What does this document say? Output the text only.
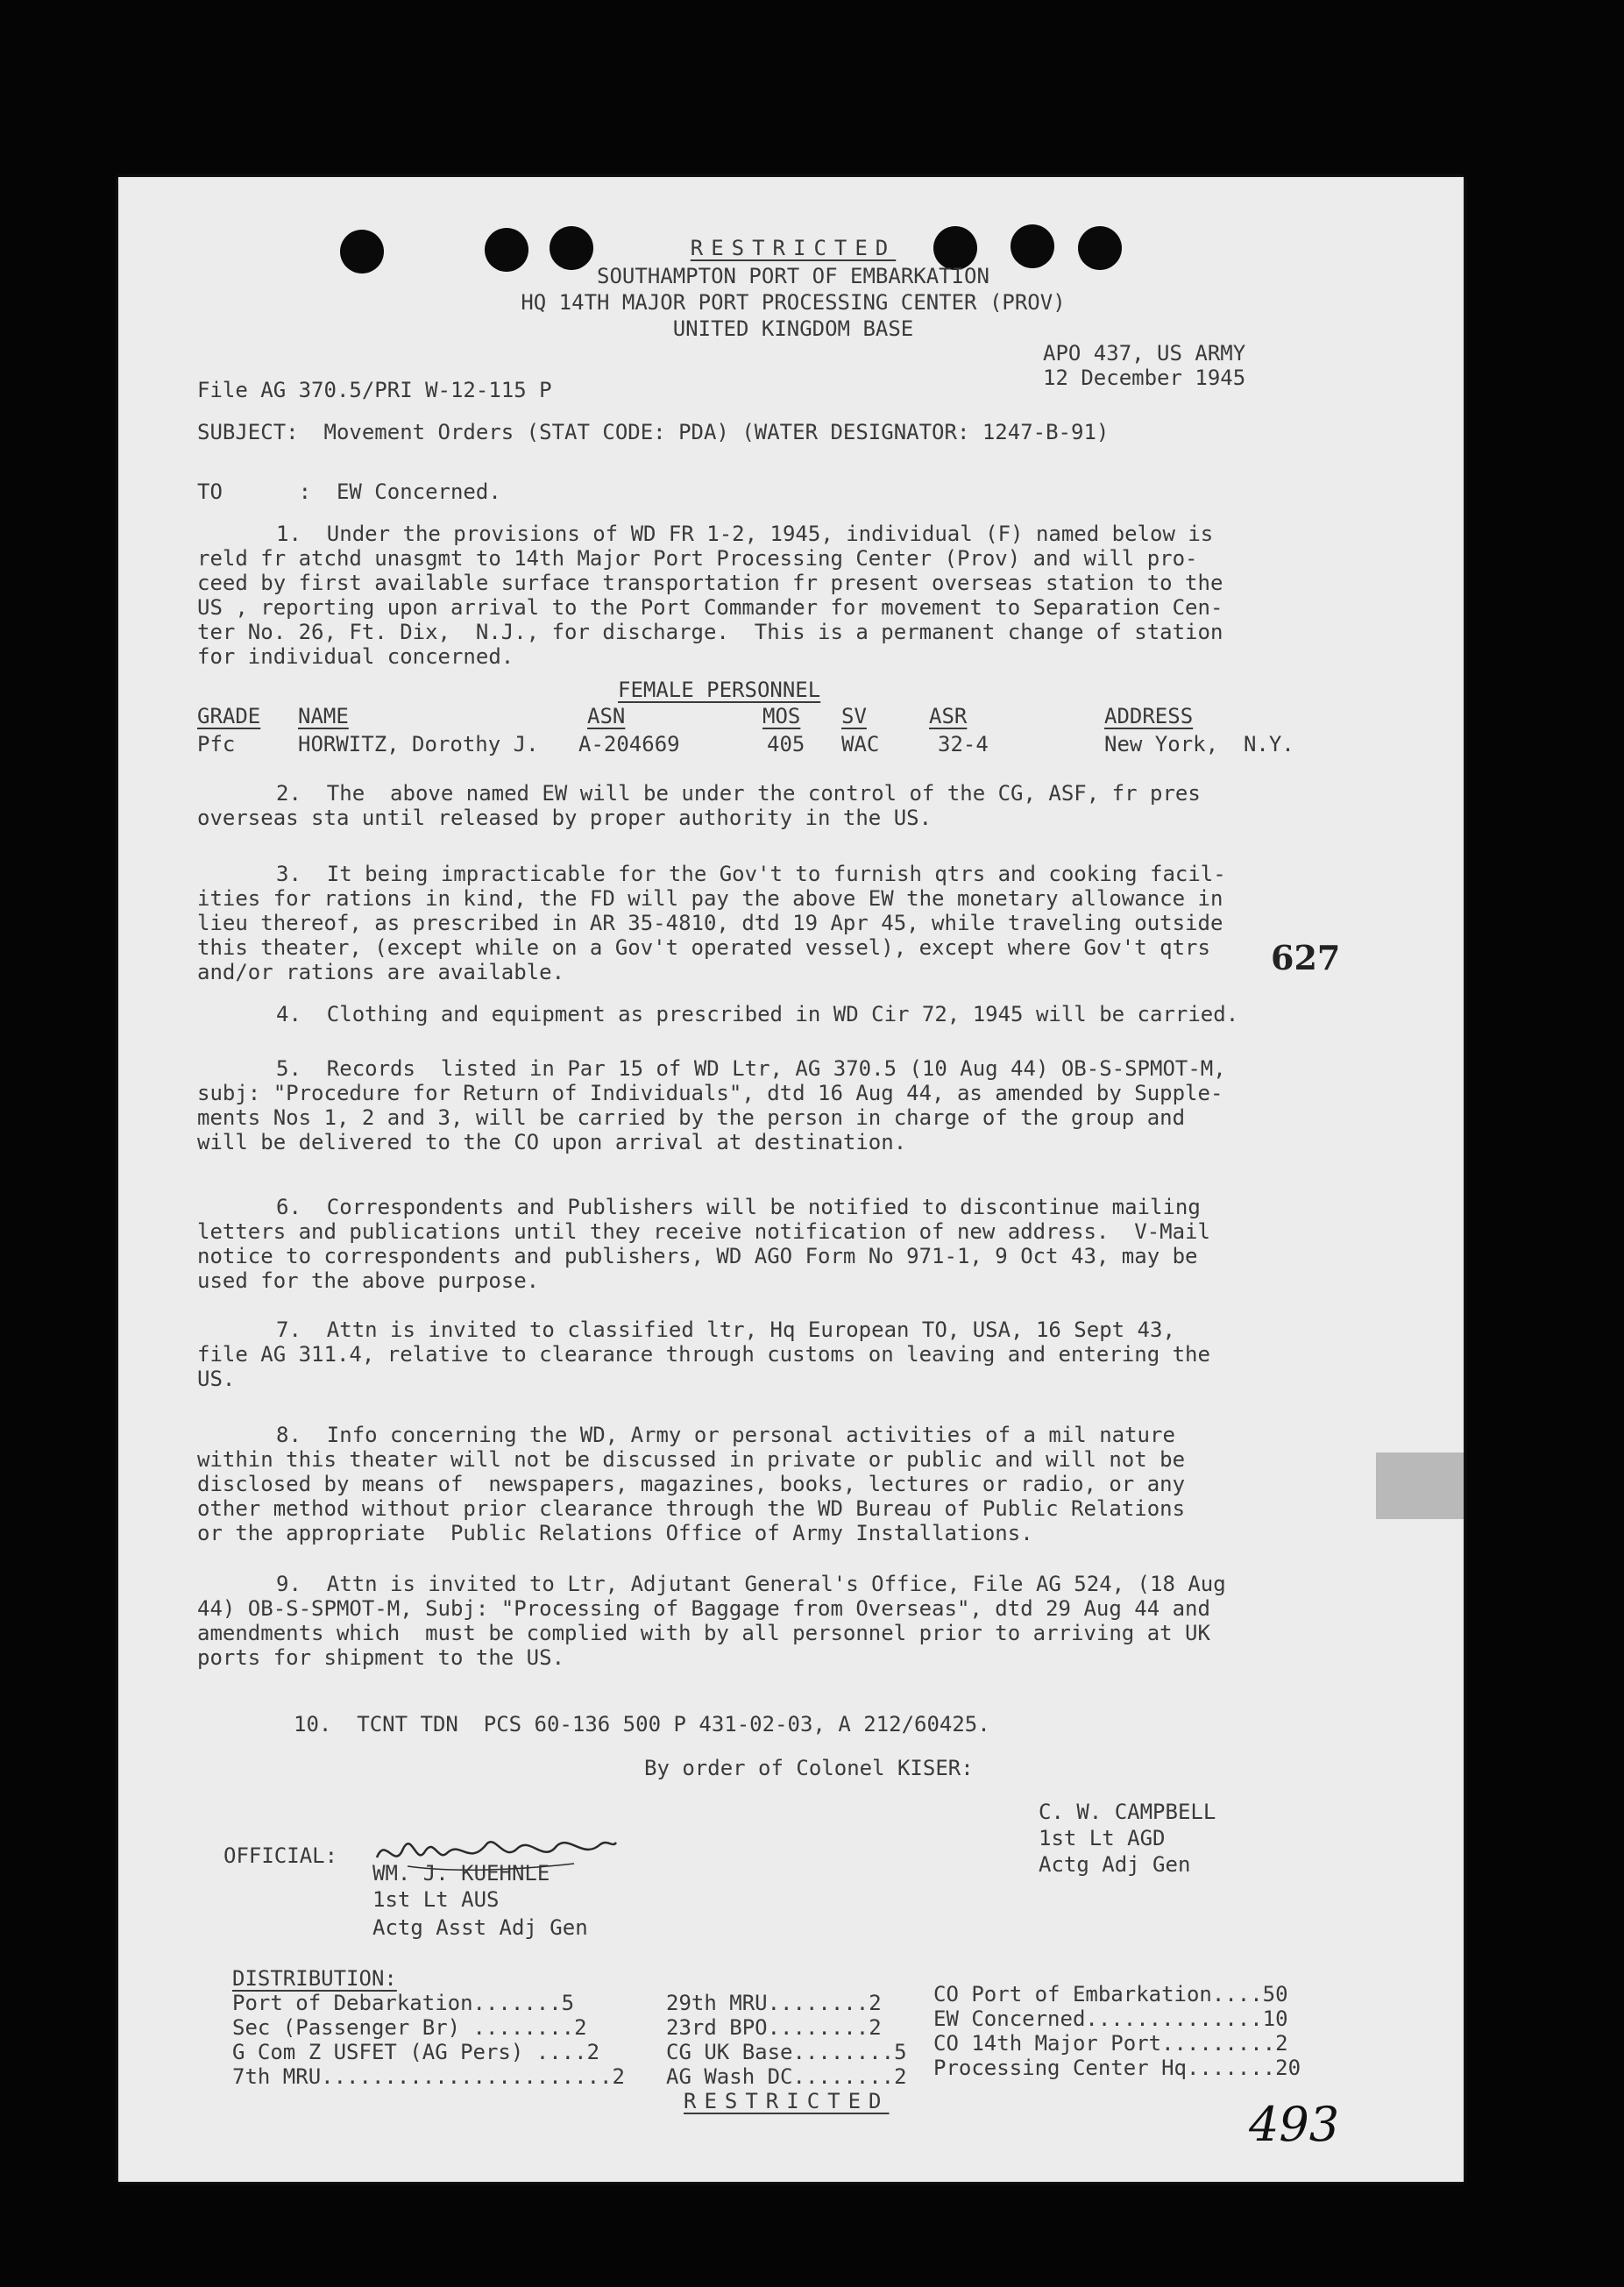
RESTRICTED
SOUTHAMPTON PORT OF EMBARKATION
HQ 14TH MAJOR PORT PROCESSING CENTER (PROV)
UNITED KINGDOM BASE
APO 437, US ARMY
12 December 1945
File AG 370.5/PRI W-12-115 P
SUBJECT:  Movement Orders (STAT CODE: PDA) (WATER DESIGNATOR: 1247-B-91)
TO      :  EW Concerned.
1.  Under the provisions of WD FR 1-2, 1945, individual (F) named below is
reld fr atchd unasgmt to 14th Major Port Processing Center (Prov) and will pro-
ceed by first available surface transportation fr present overseas station to the
US , reporting upon arrival to the Port Commander for movement to Separation Cen-
ter No. 26, Ft. Dix,  N.J., for discharge.  This is a permanent change of station
for individual concerned.
FEMALE PERSONNEL
GRADE NAME	ASN	MOS SV	ASR	ADDRESS
Pfc	HORWITZ, Dorothy J. A-204669	405 WAC	32-4	New York,  N.Y.
2.  The  above named EW will be under the control of the CG, ASF, fr pres
overseas sta until released by proper authority in the US.
3.  It being impracticable for the Gov't to furnish qtrs and cooking facil-
ities for rations in kind, the FD will pay the above EW the monetary allowance in
lieu thereof, as prescribed in AR 35-4810, dtd 19 Apr 45, while traveling outside
this theater, (except while on a Gov't operated vessel), except where Gov't qtrs
and/or rations are available.	627
4.  Clothing and equipment as prescribed in WD Cir 72, 1945 will be carried.
5.  Records  listed in Par 15 of WD Ltr, AG 370.5 (10 Aug 44) OB-S-SPMOT-M,
subj: "Procedure for Return of Individuals", dtd 16 Aug 44, as amended by Supple-
ments Nos 1, 2 and 3, will be carried by the person in charge of the group and
will be delivered to the CO upon arrival at destination.
6.  Correspondents and Publishers will be notified to discontinue mailing
letters and publications until they receive notification of new address.  V-Mail
notice to correspondents and publishers, WD AGO Form No 971-1, 9 Oct 43, may be
used for the above purpose.
7.  Attn is invited to classified ltr, Hq European TO, USA, 16 Sept 43,
file AG 311.4, relative to clearance through customs on leaving and entering the
US.
8.  Info concerning the WD, Army or personal activities of a mil nature
within this theater will not be discussed in private or public and will not be
disclosed by means of  newspapers, magazines, books, lectures or radio, or any
other method without prior clearance through the WD Bureau of Public Relations
or the appropriate  Public Relations Office of Army Installations.
9.  Attn is invited to Ltr, Adjutant General's Office, File AG 524, (18 Aug
44) OB-S-SPMOT-M, Subj: "Processing of Baggage from Overseas", dtd 29 Aug 44 and
amendments which  must be complied with by all personnel prior to arriving at UK
ports for shipment to the US.
10.  TCNT TDN  PCS 60-136 500 P 431-02-03, A 212/60425.
By order of Colonel KISER:
C. W. CAMPBELL
1st Lt AGD
Actg Adj Gen
OFFICIAL:
WM. J. KUEHNLE
1st Lt AUS
Actg Asst Adj Gen
DISTRIBUTION:
Port of Debarkation.......5
Sec (Passenger Br) ........2
G Com Z USFET (AG Pers) ....2
7th MRU.......................2
29th MRU........2
23rd BPO........2
CG UK Base........5
AG Wash DC........2
CO Port of Embarkation....50
EW Concerned..............10
CO 14th Major Port.........2
Processing Center Hq.......20
RESTRICTED	493
